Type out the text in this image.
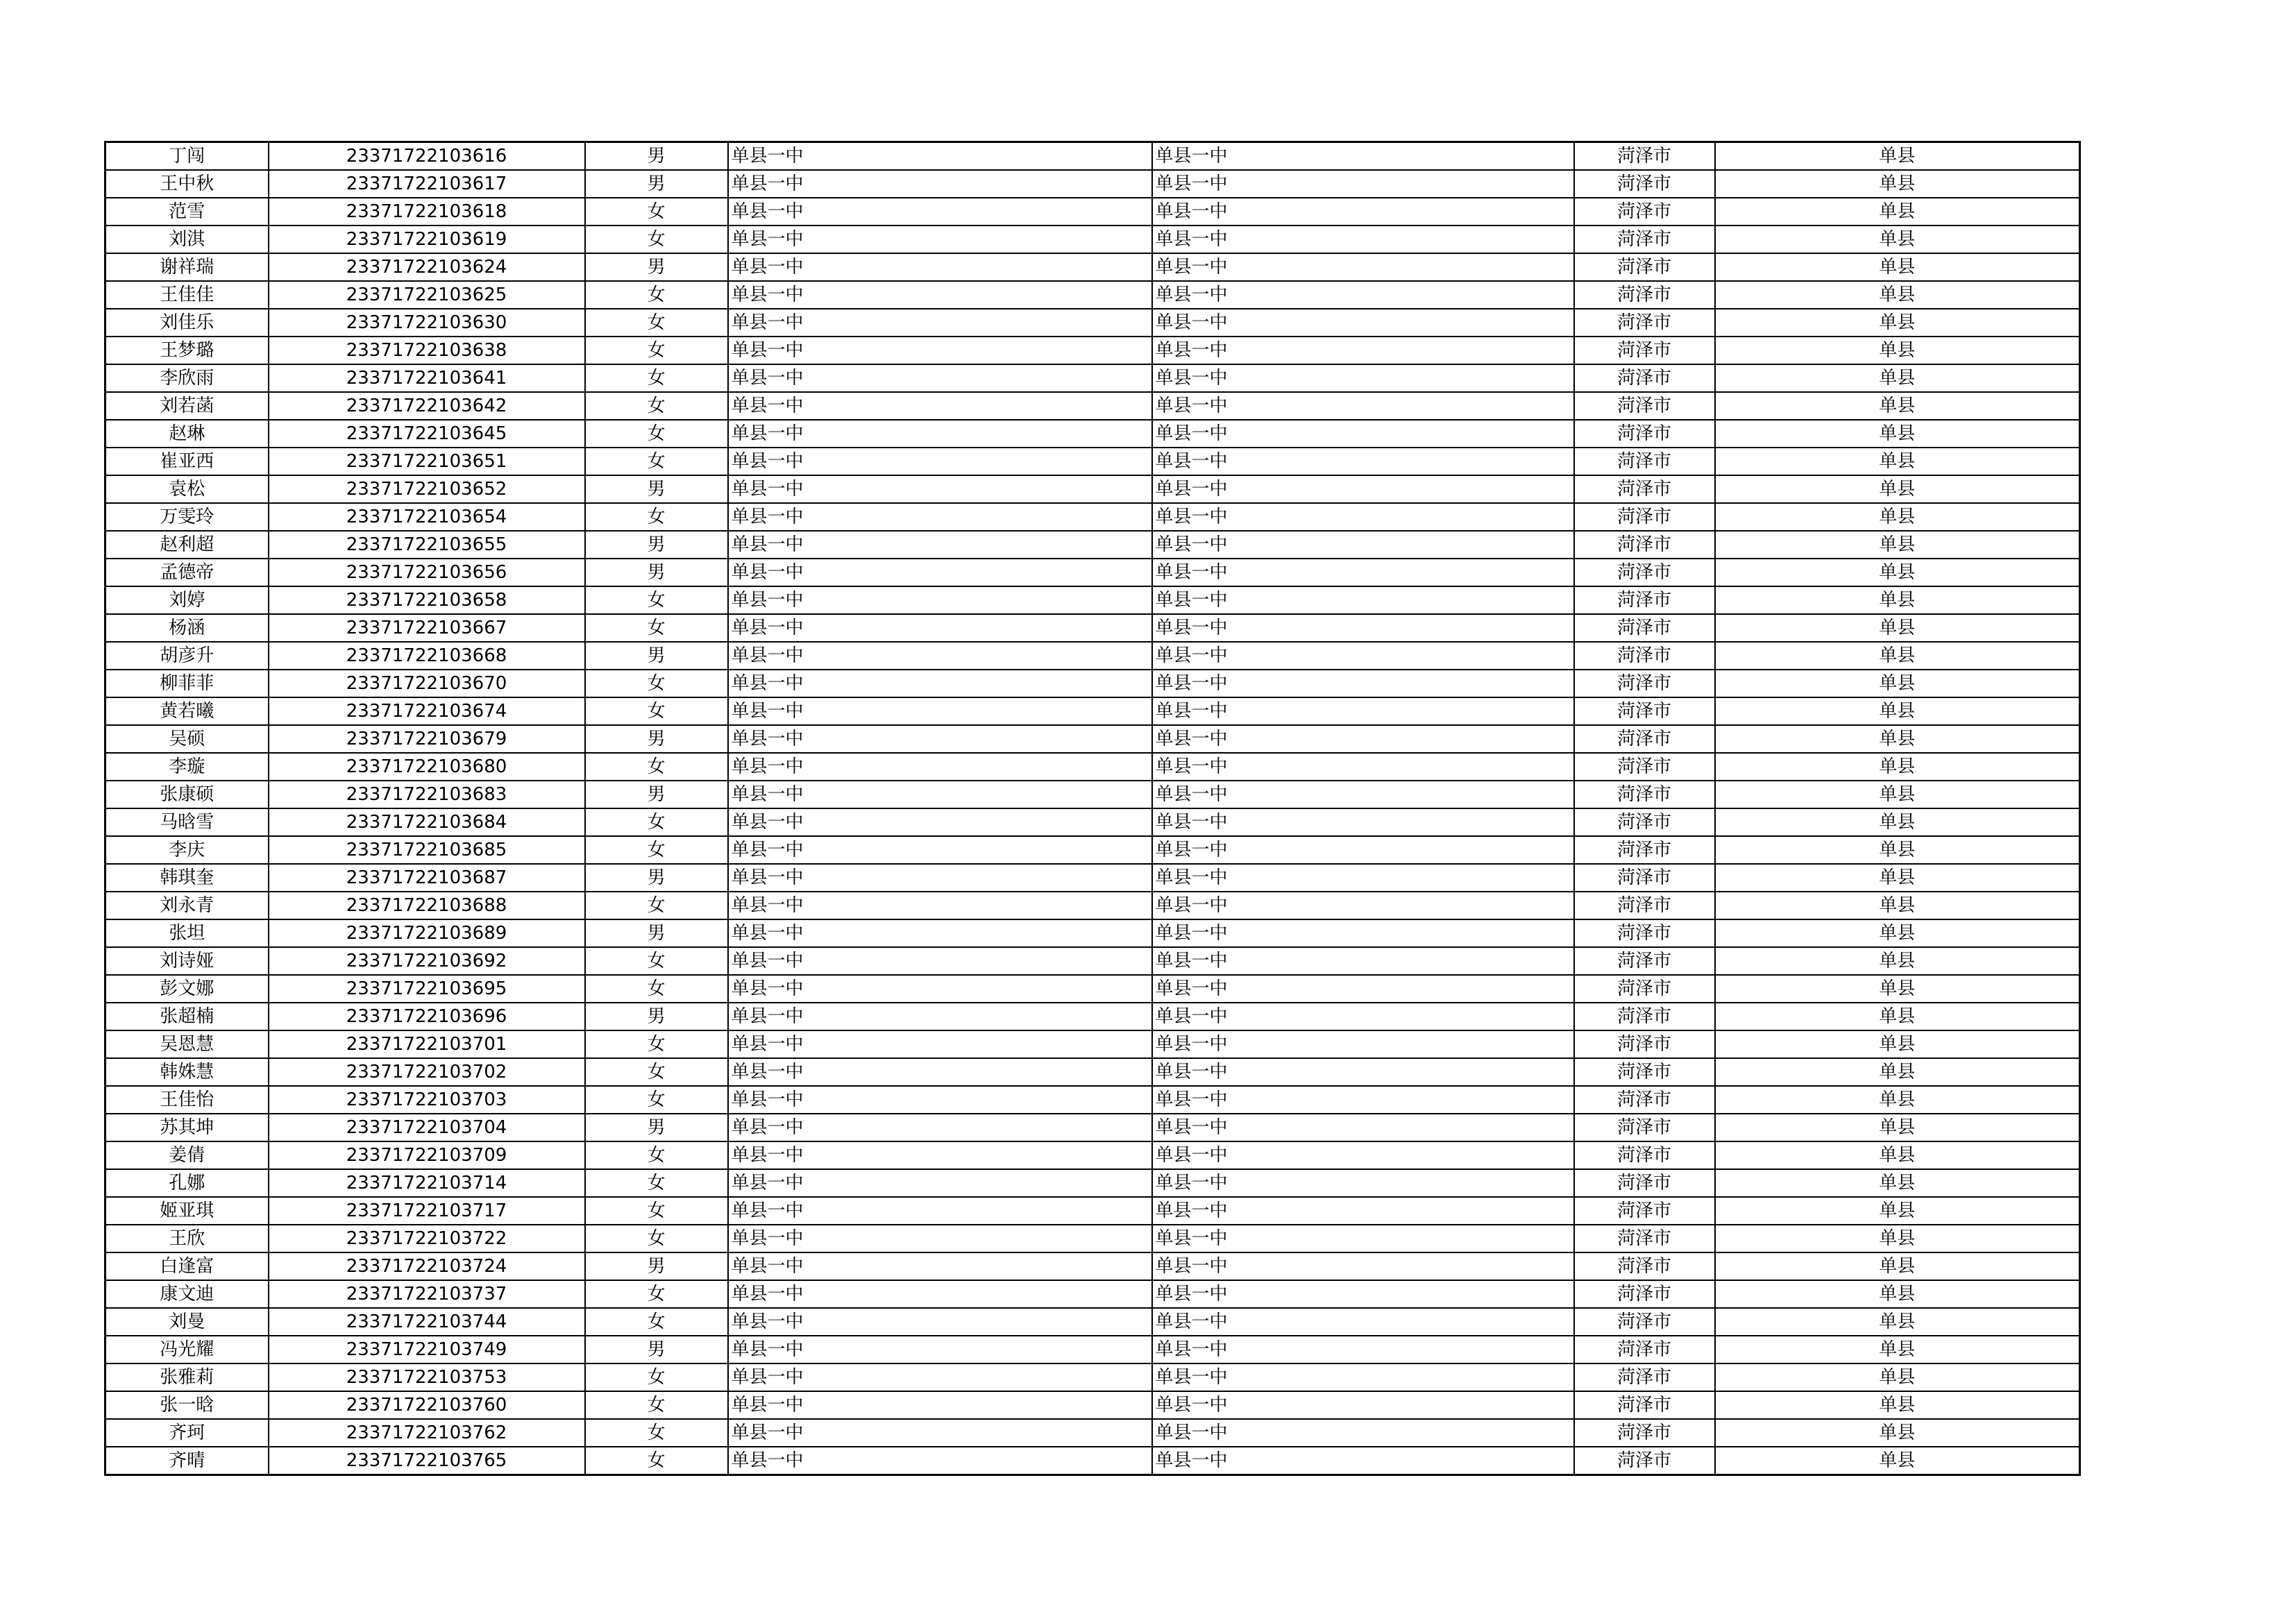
丁闯	23371722103616	男	单县一中	单县一中	菏泽市	单县
王中秋	23371722103617	男	单县一中	单县一中	菏泽市	单县
范雪	23371722103618	女	单县一中	单县一中	菏泽市	单县
刘淇	23371722103619	女	单县一中	单县一中	菏泽市	单县
谢祥瑞	23371722103624	男	单县一中	单县一中	菏泽市	单县
王佳佳	23371722103625	女	单县一中	单县一中	菏泽市	单县
刘佳乐	23371722103630	女	单县一中	单县一中	菏泽市	单县
王梦璐	23371722103638	女	单县一中	单县一中	菏泽市	单县
李欣雨	23371722103641	女	单县一中	单县一中	菏泽市	单县
刘若菡	23371722103642	女	单县一中	单县一中	菏泽市	单县
赵琳	23371722103645	女	单县一中	单县一中	菏泽市	单县
崔亚西	23371722103651	女	单县一中	单县一中	菏泽市	单县
袁松	23371722103652	男	单县一中	单县一中	菏泽市	单县
万雯玲	23371722103654	女	单县一中	单县一中	菏泽市	单县
赵利超	23371722103655	男	单县一中	单县一中	菏泽市	单县
孟德帝	23371722103656	男	单县一中	单县一中	菏泽市	单县
刘婷	23371722103658	女	单县一中	单县一中	菏泽市	单县
杨涵	23371722103667	女	单县一中	单县一中	菏泽市	单县
胡彦升	23371722103668	男	单县一中	单县一中	菏泽市	单县
柳菲菲	23371722103670	女	单县一中	单县一中	菏泽市	单县
黄若曦	23371722103674	女	单县一中	单县一中	菏泽市	单县
吴硕	23371722103679	男	单县一中	单县一中	菏泽市	单县
李璇	23371722103680	女	单县一中	单县一中	菏泽市	单县
张康硕	23371722103683	男	单县一中	单县一中	菏泽市	单县
马晗雪	23371722103684	女	单县一中	单县一中	菏泽市	单县
李庆	23371722103685	女	单县一中	单县一中	菏泽市	单县
韩琪奎	23371722103687	男	单县一中	单县一中	菏泽市	单县
刘永青	23371722103688	女	单县一中	单县一中	菏泽市	单县
张坦	23371722103689	男	单县一中	单县一中	菏泽市	单县
刘诗娅	23371722103692	女	单县一中	单县一中	菏泽市	单县
彭文娜	23371722103695	女	单县一中	单县一中	菏泽市	单县
张超楠	23371722103696	男	单县一中	单县一中	菏泽市	单县
吴恩慧	23371722103701	女	单县一中	单县一中	菏泽市	单县
韩姝慧	23371722103702	女	单县一中	单县一中	菏泽市	单县
王佳怡	23371722103703	女	单县一中	单县一中	菏泽市	单县
苏其坤	23371722103704	男	单县一中	单县一中	菏泽市	单县
姜倩	23371722103709	女	单县一中	单县一中	菏泽市	单县
孔娜	23371722103714	女	单县一中	单县一中	菏泽市	单县
姬亚琪	23371722103717	女	单县一中	单县一中	菏泽市	单县
王欣	23371722103722	女	单县一中	单县一中	菏泽市	单县
白逢富	23371722103724	男	单县一中	单县一中	菏泽市	单县
康文迪	23371722103737	女	单县一中	单县一中	菏泽市	单县
刘曼	23371722103744	女	单县一中	单县一中	菏泽市	单县
冯光耀	23371722103749	男	单县一中	单县一中	菏泽市	单县
张雅莉	23371722103753	女	单县一中	单县一中	菏泽市	单县
张一晗	23371722103760	女	单县一中	单县一中	菏泽市	单县
齐珂	23371722103762	女	单县一中	单县一中	菏泽市	单县
齐晴	23371722103765	女	单县一中	单县一中	菏泽市	单县
